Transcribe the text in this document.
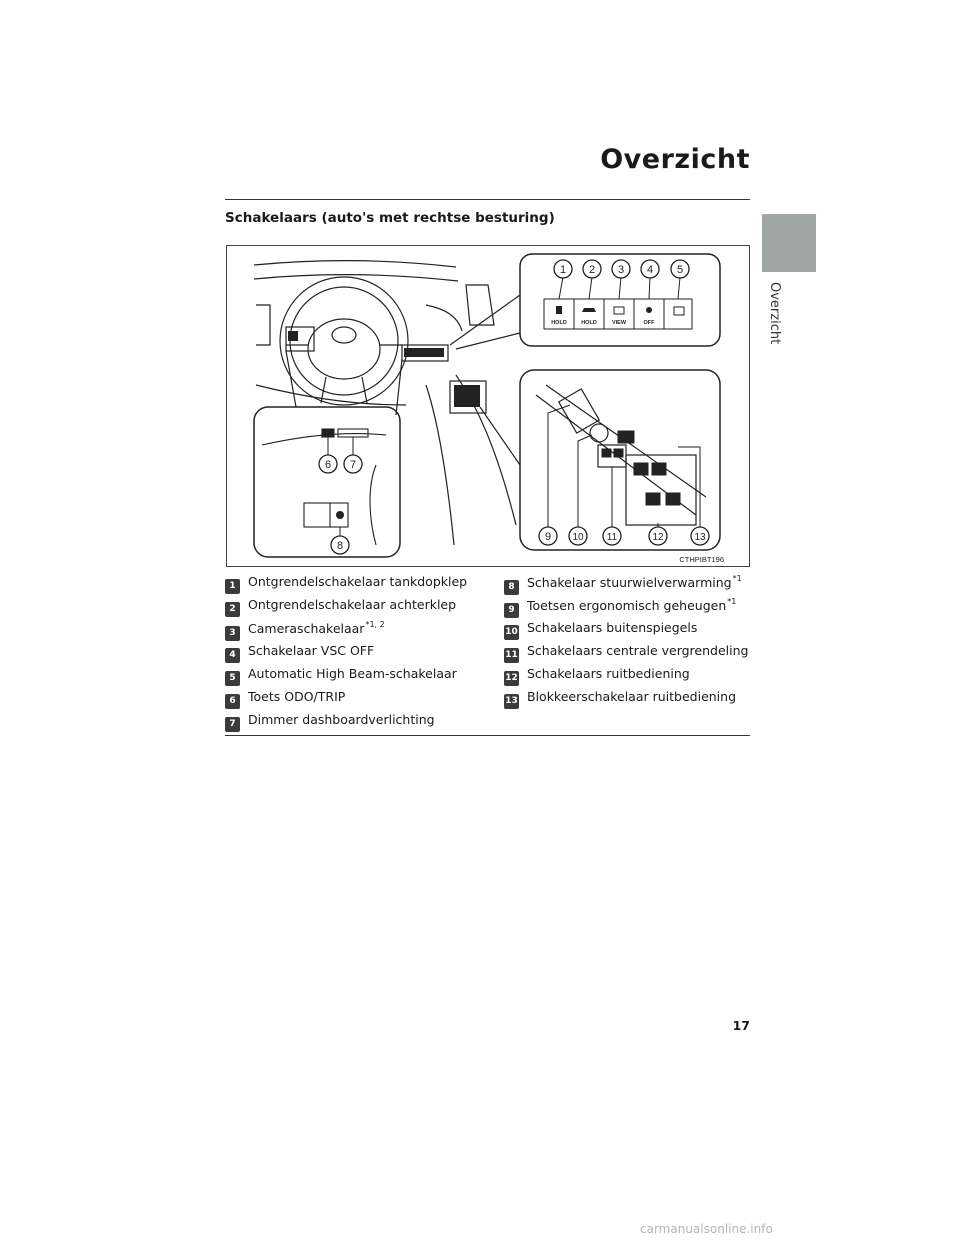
Overzicht
Overzicht
Schakelaars (auto's met rechtse besturing)
HOLD	HOLD	VIEW	OFF
1 2 3 4 5
6 7
8
9 10 11	12	13
CTHPIBT196
1 Ontgrendelschakelaar tankdopklep
2 Ontgrendelschakelaar achterklep
3 Cameraschakelaar$^{*1, 2}$
4 Schakelaar VSC OFF
5 Automatic High Beam-schakelaar
6 Toets ODO/TRIP
7 Dimmer dashboardverlichting
8 Schakelaar stuurwielverwarming$^{*1}$
9 Toetsen ergonomisch geheugen$^{*1}$
10 Schakelaars buitenspiegels
11 Schakelaars centrale vergrendeling
12 Schakelaars ruitbediening
13 Blokkeerschakelaar ruitbediening
17
carmanualsonline.info
